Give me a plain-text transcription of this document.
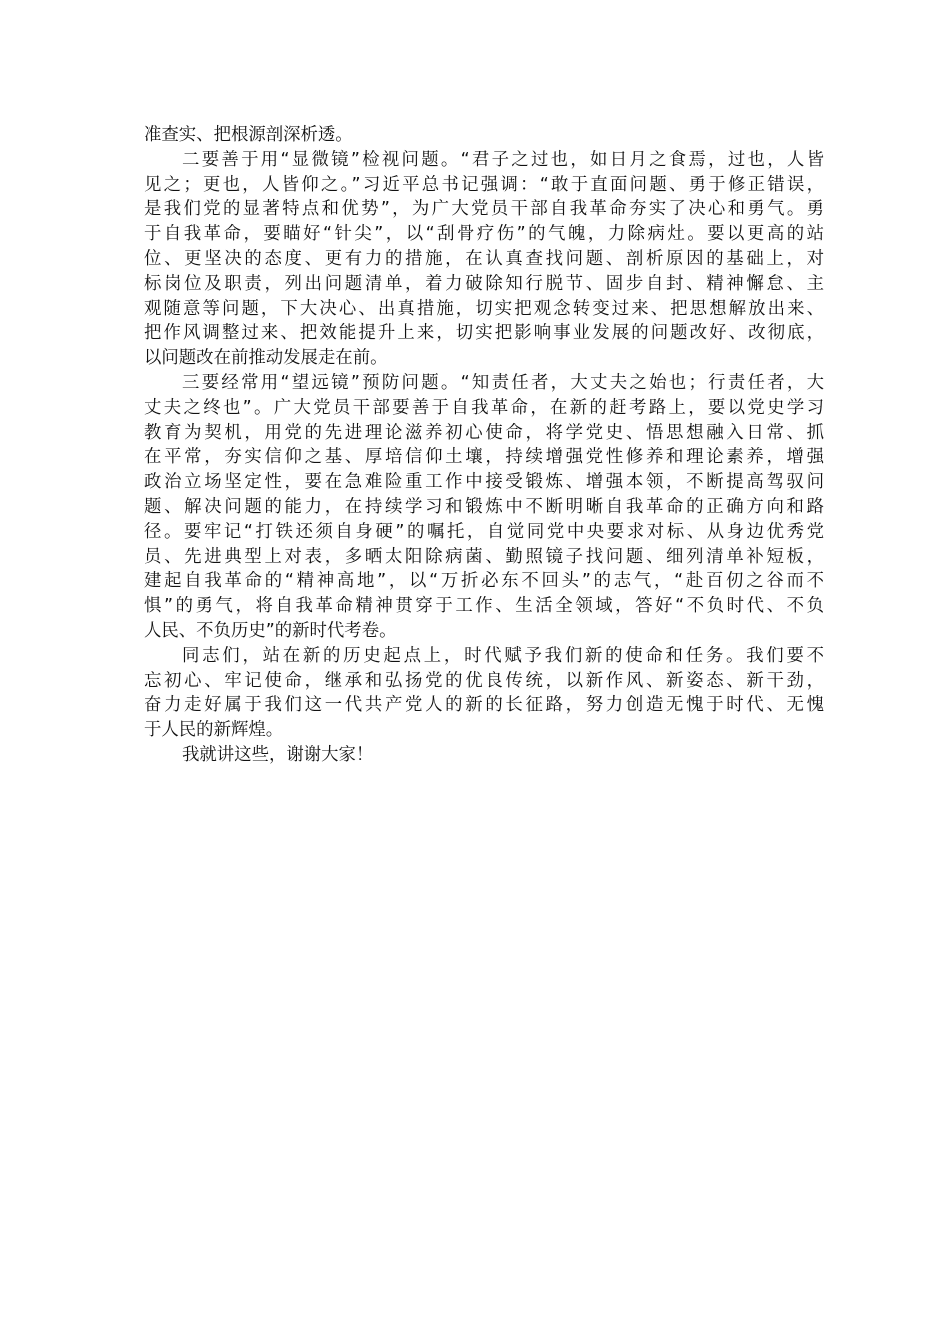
准查实、把根源剖深析透。
二要善于用“显微镜”检视问题。“君子之过也，如日月之食焉，过也，人皆
见之；更也，人皆仰之。”习近平总书记强调：“敢于直面问题、勇于修正错误，
是我们党的显著特点和优势”，为广大党员干部自我革命夯实了决心和勇气。勇
于自我革命，要瞄好“针尖”，以“刮骨疗伤”的气魄，力除病灶。要以更高的站
位、更坚决的态度、更有力的措施，在认真查找问题、剖析原因的基础上，对
标岗位及职责，列出问题清单，着力破除知行脱节、固步自封、精神懈怠、主
观随意等问题，下大决心、出真措施，切实把观念转变过来、把思想解放出来、
把作风调整过来、把效能提升上来，切实把影响事业发展的问题改好、改彻底，
以问题改在前推动发展走在前。
三要经常用“望远镜”预防问题。“知责任者，大丈夫之始也；行责任者，大
丈夫之终也”。广大党员干部要善于自我革命，在新的赶考路上，要以党史学习
教育为契机，用党的先进理论滋养初心使命，将学党史、悟思想融入日常、抓
在平常，夯实信仰之基、厚培信仰土壤，持续增强党性修养和理论素养，增强
政治立场坚定性，要在急难险重工作中接受锻炼、增强本领，不断提高驾驭问
题、解决问题的能力，在持续学习和锻炼中不断明晰自我革命的正确方向和路
径。要牢记“打铁还须自身硬”的嘱托，自觉同党中央要求对标、从身边优秀党
员、先进典型上对表，多晒太阳除病菌、勤照镜子找问题、细列清单补短板，
建起自我革命的“精神高地”，以“万折必东不回头”的志气，“赴百仞之谷而不
惧”的勇气，将自我革命精神贯穿于工作、生活全领域，答好“不负时代、不负
人民、不负历史”的新时代考卷。
同志们，站在新的历史起点上，时代赋予我们新的使命和任务。我们要不
忘初心、牢记使命，继承和弘扬党的优良传统，以新作风、新姿态、新干劲，
奋力走好属于我们这一代共产党人的新的长征路，努力创造无愧于时代、无愧
于人民的新辉煌。
我就讲这些，谢谢大家！
